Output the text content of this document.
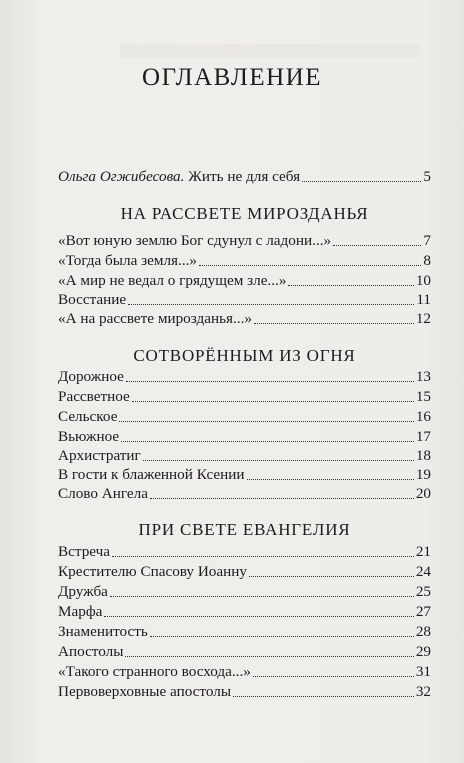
ОГЛАВЛЕНИЕ
Ольга Огжибесова. Жить не для себя	5
НА РАССВЕТЕ МИРОЗДАНЬЯ
«Вот юную землю Бог сдунул с ладони...»	7
«Тогда была земля...»	8
«А мир не ведал о грядущем зле...»	10
Восстание	11
«А на рассвете мирозданья...»	12
СОТВОРЁННЫМ ИЗ ОГНЯ
Дорожное	13
Рассветное	15
Сельское	16
Вьюжное	17
Архистратиг	18
В гости к блаженной Ксении	19
Слово Ангела	20
ПРИ СВЕТЕ ЕВАНГЕЛИЯ
Встреча	21
Крестителю Спасову Иоанну	24
Дружба	25
Марфа	27
Знаменитость	28
Апостолы	29
«Такого странного восхода...»	31
Первоверховные апостолы	32
